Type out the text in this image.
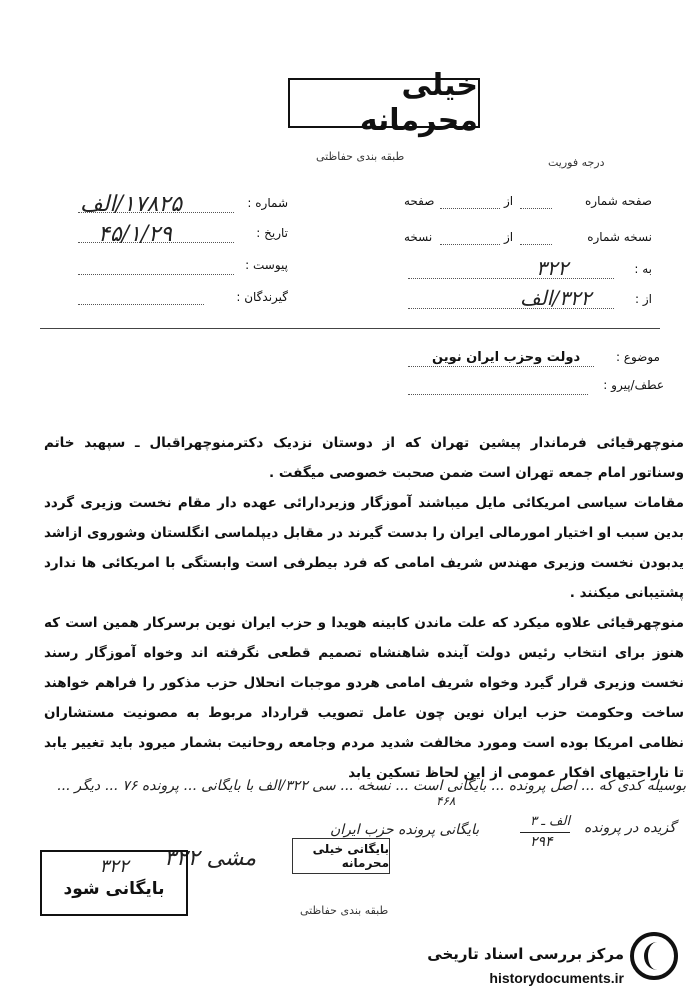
خیلی محرمانه
طبقه بندی حفاظتی	درجه فوریت
شماره :
۱۷۸۲۵/الف
تاریخ :
۴۵/۱/۲۹
پیوست :
گیرندگان :
صفحه شماره
از
صفحه
نسخه شماره
از
نسخه
به :
۳۲۲
از :
۳۲۲/الف
موضوع :
دولت وحزب ایران نوین
عطف/پیرو :

منوچهرقیائی فرماندار پیشین تهران که از دوستان نزدیک دکترمنوچهراقبال ـ سپهبد خاتم وسناتور امام جمعه تهران است ضمن صحبت خصوصی میگفت .

مقامات سیاسی امریکائی مایل میباشند آموزگار وزیردارائی عهده دار مقام نخست وزیری گردد بدین سبب او اختیار امورمالی ایران را بدست گیرند در مقابل دیپلماسی انگلستان وشوروی ازاشد یدبودن نخست وزیری مهندس شریف امامی که فرد بیطرفی است وابستگی با امریکائی ها ندارد پشتیبانی میکنند .

منوچهرقیائی علاوه میکرد که علت ماندن کابینه هویدا و حزب ایران نوین برسرکار همین است که هنوز برای انتخاب رئیس دولت آینده شاهنشاه تصمیم قطعی نگرفته اند وخواه آموزگار رسند نخست وزیری قرار گیرد وخواه شریف امامی هردو موجبات انحلال حزب مذکور را فراهم خواهند ساخت وحکومت حزب ایران نوین چون عامل تصویب قرارداد مربوط به مصونیت مستشاران نظامی امریکا بوده است ومورد مخالفت شدید مردم وجامعه روحانیت بشمار میرود باید تغییر یابد تا ناراحتیهای افکار عمومی از این لحاظ تسکین یابد

بوسیله کدی که ... اصل پرونده ... بایگانی است ... نسخه ... سی ۳۲۲/الف با بایگانی ... پرونده ۷۶ ... دیگر ...
۴۶۸
الف ـ ۳
۲۹۴
گزیده در پرونده
بایگانی پرونده حزب ایران
بایگانی خیلی محرمانه
مشی ۳۲۲
۳۲۲
بایگانی شود
طبقه بندی حفاظتی
مرکز بررسی اسناد تاریخی
historydocuments.ir
